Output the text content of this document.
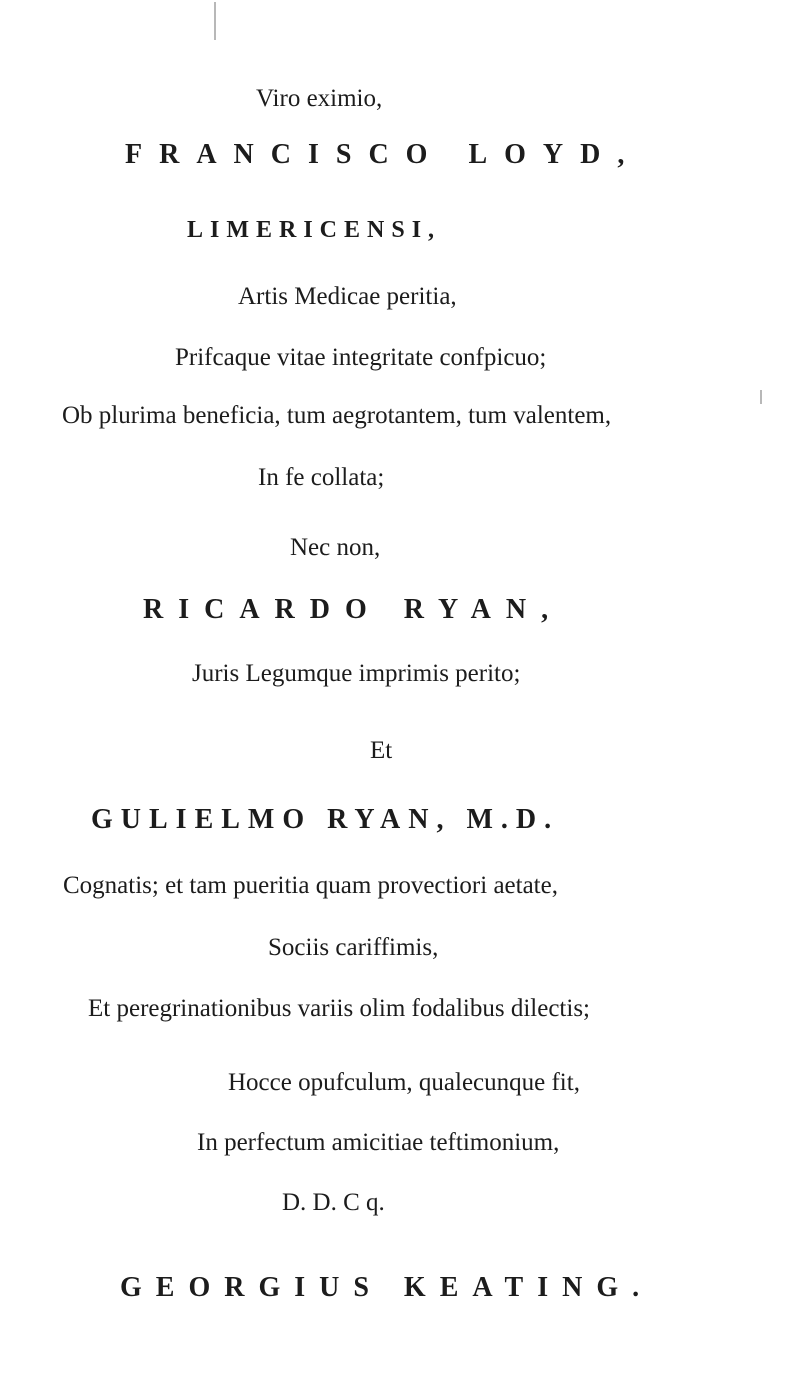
Viro eximio,
FRANCISCO LOYD,
LIMERICENSI,
Artis Medicae peritia,
Prifcaque vitae integritate confpicuo;
Ob plurima beneficia, tum aegrotantem, tum valentem,
In fe collata;
Nec non,
RICARDO RYAN,
Juris Legumque imprimis perito;
Et
GULIELMO RYAN, M.D.
Cognatis; et tam pueritia quam provectiori aetate,
Sociis cariffimis,
Et peregrinationibus variis olim fodalibus dilectis;
Hocce opufculum, qualecunque fit,
In perfectum amicitiae teftimonium,
D. D. C q.
GEORGIUS KEATING.
